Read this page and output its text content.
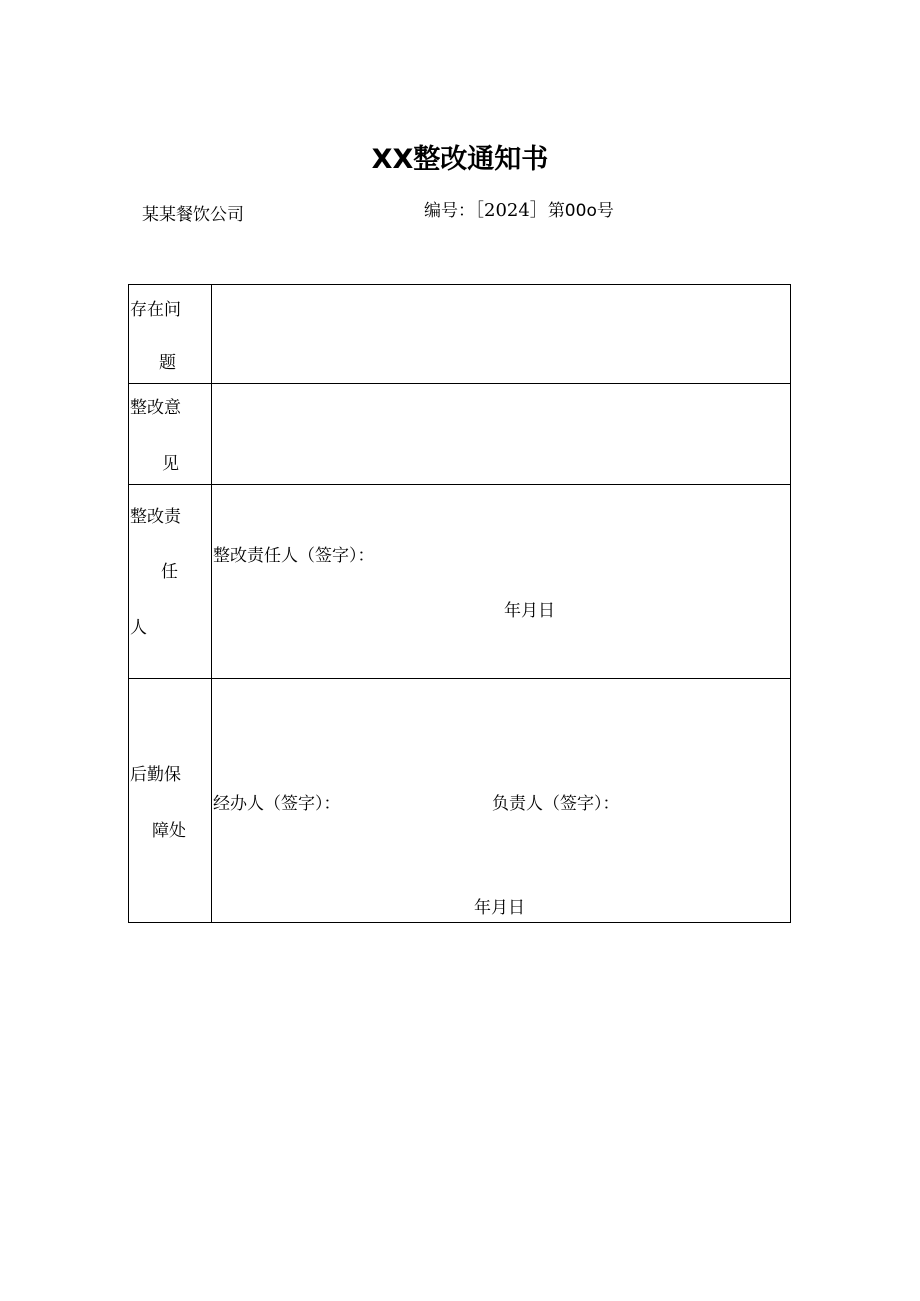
XX整改通知书
某某餐饮公司	编号：［2024］第00o号
存在问
题	

整改意
见	

整改责
任
人	整改责任人（签字）：
年月日

后勤保
障处	经办人（签字）： 负责人（签字）：
年月日
